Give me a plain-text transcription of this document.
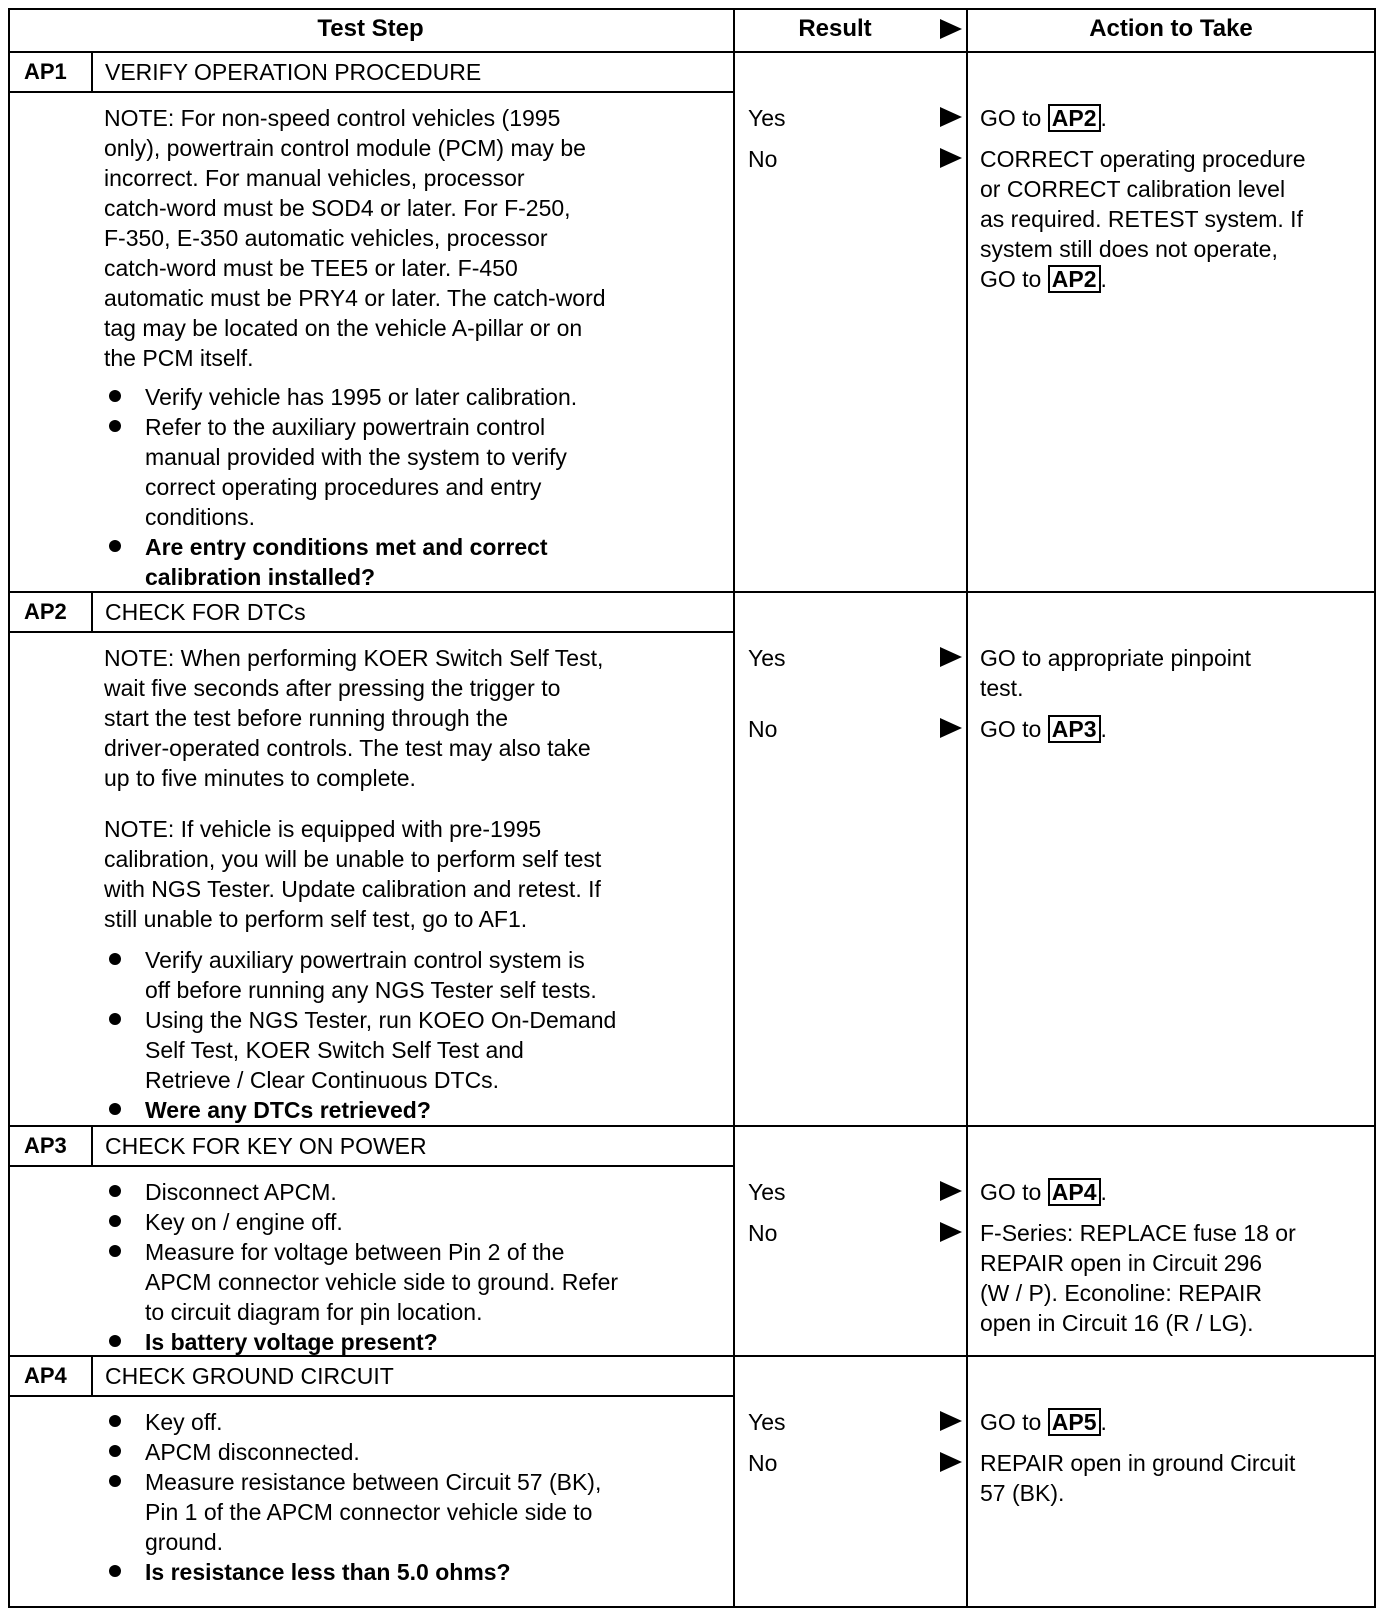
Test Step	Result	Action to Take
AP1 VERIFY OPERATION PROCEDURE
NOTE: For non-speed control vehicles (1995
only), powertrain control module (PCM) may be
incorrect. For manual vehicles, processor
catch-word must be SOD4 or later. For F-250,
F-350, E-350 automatic vehicles, processor
catch-word must be TEE5 or later. F-450
automatic must be PRY4 or later. The catch-word
tag may be located on the vehicle A-pillar or on
the PCM itself.
Verify vehicle has 1995 or later calibration.
Refer to the auxiliary powertrain control
manual provided with the system to verify
correct operating procedures and entry
conditions.
Are entry conditions met and correct
calibration installed?
Yes	GO to AP2 .
No	CORRECT operating procedure
or CORRECT calibration level
as required. RETEST system. If
system still does not operate,
GO to AP2 .
AP2 CHECK FOR DTCs
NOTE: When performing KOER Switch Self Test,
wait five seconds after pressing the trigger to
start the test before running through the
driver-operated controls. The test may also take
up to five minutes to complete.
NOTE: If vehicle is equipped with pre-1995
calibration, you will be unable to perform self test
with NGS Tester. Update calibration and retest. If
still unable to perform self test, go to AF1.
Verify auxiliary powertrain control system is
off before running any NGS Tester self tests.
Using the NGS Tester, run KOEO On-Demand
Self Test, KOER Switch Self Test and
Retrieve / Clear Continuous DTCs.
Were any DTCs retrieved?
Yes	GO to appropriate pinpoint
test.
No	GO to AP3 .
AP3 CHECK FOR KEY ON POWER
Disconnect APCM.
Key on / engine off.
Measure for voltage between Pin 2 of the
APCM connector vehicle side to ground. Refer
to circuit diagram for pin location.
Is battery voltage present?
Yes	GO to AP4 .
No	F-Series: REPLACE fuse 18 or
REPAIR open in Circuit 296
(W / P). Econoline: REPAIR
open in Circuit 16 (R / LG).
AP4 CHECK GROUND CIRCUIT
Key off.
APCM disconnected.
Measure resistance between Circuit 57 (BK),
Pin 1 of the APCM connector vehicle side to
ground.
Is resistance less than 5.0 ohms?
Yes	GO to AP5 .
No	REPAIR open in ground Circuit
57 (BK).
